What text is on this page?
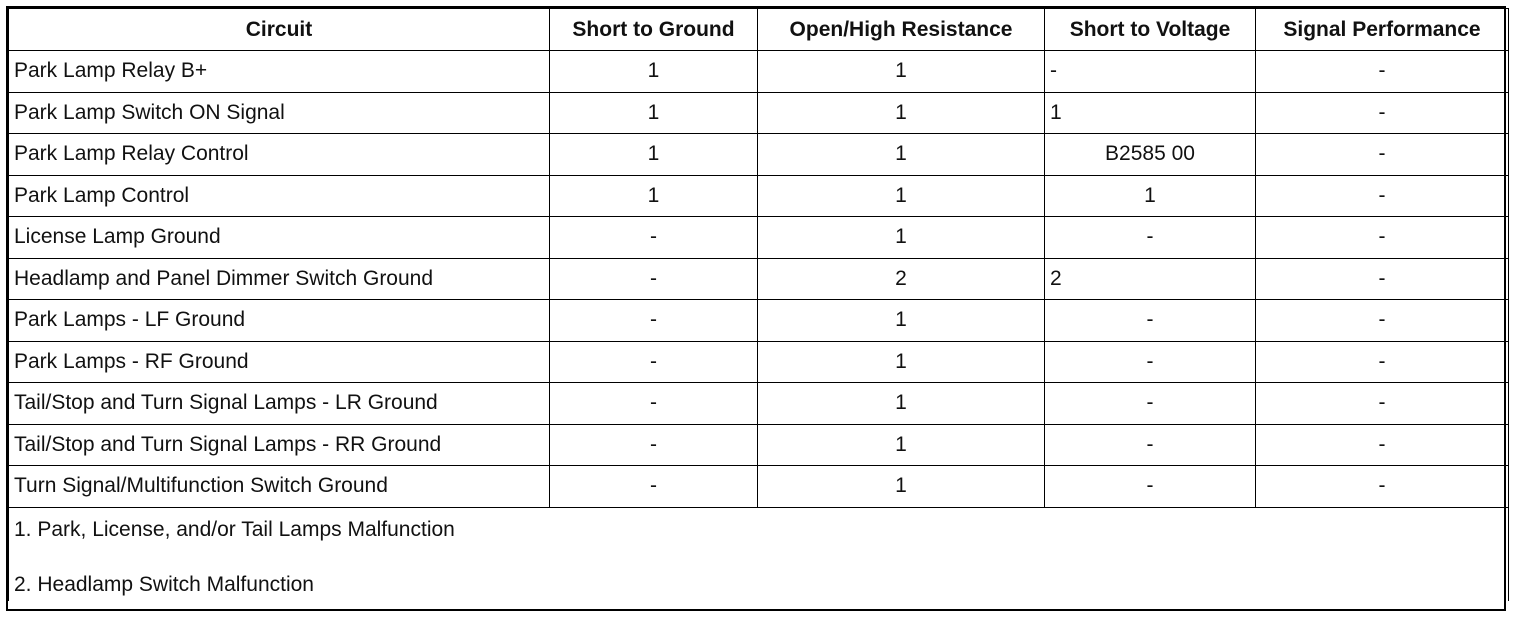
Circuit	Short to Ground	Open/High Resistance	Short to Voltage	Signal Performance
Park Lamp Relay B+	1	1	-	-
Park Lamp Switch ON Signal	1	1	1	-
Park Lamp Relay Control	1	1	B2585 00	-
Park Lamp Control	1	1	1	-
License Lamp Ground	-	1	-	-
Headlamp and Panel Dimmer Switch Ground	-	2	2	-
Park Lamps - LF Ground	-	1	-	-
Park Lamps - RF Ground	-	1	-	-
Tail/Stop and Turn Signal Lamps - LR Ground	-	1	-	-
Tail/Stop and Turn Signal Lamps - RR Ground	-	1	-	-
Turn Signal/Multifunction Switch Ground	-	1	-	-

1. Park, License, and/or Tail Lamps Malfunction
2. Headlamp Switch Malfunction				
